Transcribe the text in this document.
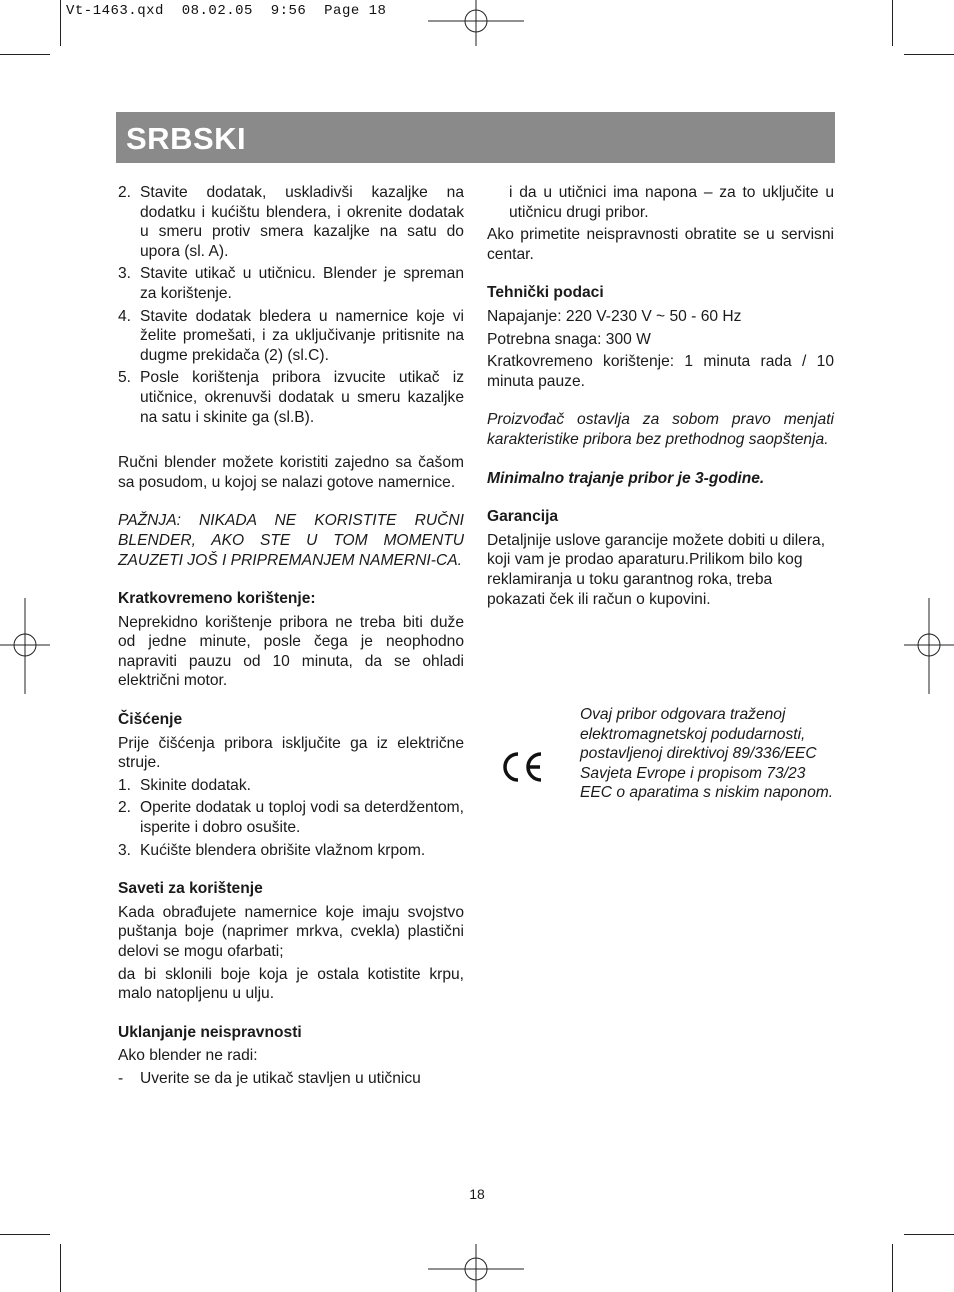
Vt-1463.qxd  08.02.05  9:56  Page 18
SRBSKI
2. Stavite dodatak, uskladivši kazaljke na dodatku i kućištu blendera, i okrenite dodatak u smeru protiv smera kazaljke na satu do upora (sl. A).
3. Stavite utikač u utičnicu. Blender je spreman za korištenje.
4. Stavite dodatak bledera u namernice koje vi želite promešati, i za uključivanje pritisnite na dugme prekidača (2) (sl.C).
5. Posle korištenja pribora izvucite utikač iz utičnice, okrenuvši dodatak u smeru kazaljke na satu i skinite ga (sl.B).

Ručni blender možete koristiti zajedno sa čašom sa posudom, u kojoj se nalazi gotove namernice.

PAŽNJA: NIKADA NE KORISTITE RUČNI BLENDER, AKO STE U TOM MOMENTU ZAUZETI JOŠ I PRIPREMANJEM NAMERNI-CA.

Kratkovremeno korištenje:

Neprekidno korištenje pribora ne treba biti duže od jedne minute, posle čega je neophodno napraviti pauzu od 10 minuta, da se ohladi električni motor.

Čišćenje

Prije čišćenja pribora isključite ga iz električne struje.

1. Skinite dodatak.
2. Operite dodatak u toploj vodi sa deterdžentom, isperite i dobro osušite.
3. Kućište blendera obrišite vlažnom krpom.
Saveti za korištenje

Kada obrađujete namernice koje imaju svojstvo puštanja boje (naprimer mrkva, cvekla) plastični delovi se mogu ofarbati;

da bi sklonili boje koja je ostala kotistite krpu, malo natopljenu u ulju.

Uklanjanje neispravnosti

Ako blender ne radi:

-	Uverite se da je utikač stavljen u utičnicu

i da u utičnici ima napona – za to uključite u utičnicu drugi pribor.

Ako primetite neispravnosti obratite se u servisni centar.

Tehnički podaci

Napajanje: 220 V-230 V ~ 50 - 60 Hz

Potrebna snaga: 300 W

Kratkovremeno korištenje: 1 minuta rada / 10 minuta pauze.

Proizvođač ostavlja za sobom pravo menjati karakteristike pribora bez prethodnog saopštenja.

Minimalno trajanje pribor je 3-godine.

Garancija

Detaljnije uslove garancije možete dobiti u dilera, koji vam je prodao aparaturu.Prilikom bilo kog reklamiranja u toku garantnog roka, treba pokazati ček ili račun o kupovini.

Ovaj pribor odgovara traženoj elektromagnetskoj podudarnosti, postavljenoj direktivoj 89/336/EEC Savjeta Evrope i propisom 73/23 EEC o aparatima s niskim naponom.

18
